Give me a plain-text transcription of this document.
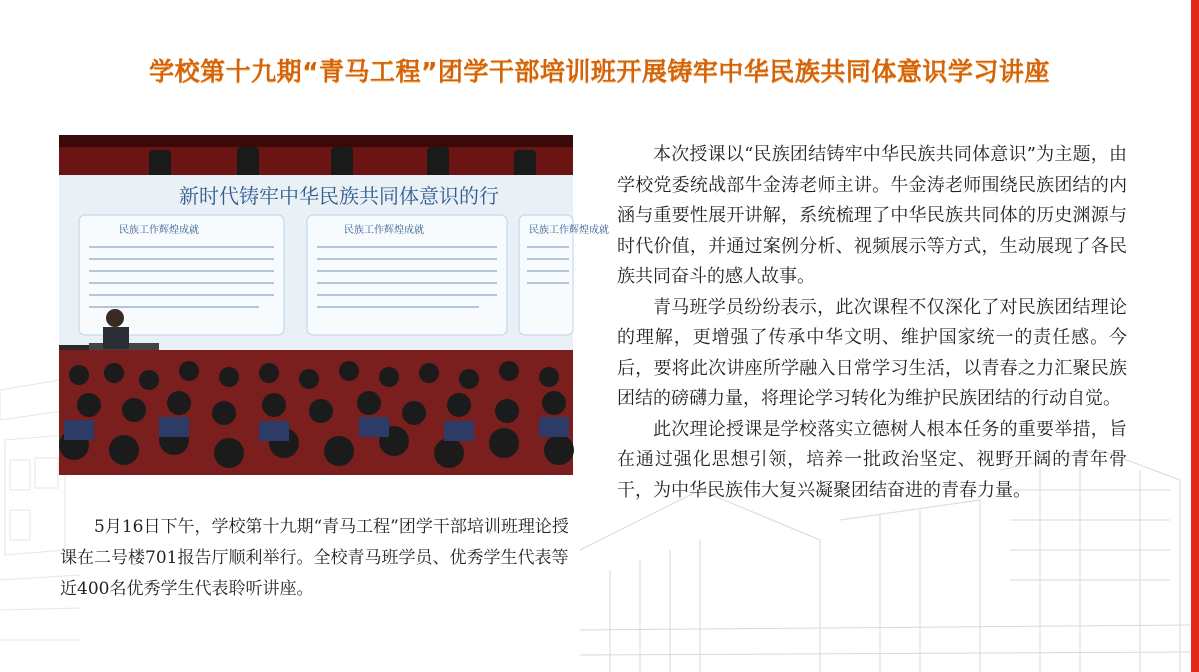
学校第十九期“青马工程”团学干部培训班开展铸牢中华民族共同体意识学习讲座
新时代铸牢中华民族共同体意识的行
民族工作辉煌成就	民族工作辉煌成就	民族工作辉煌成就

5月16日下午，学校第十九期“青马工程”团学干部培训班理论授课在二号楼701报告厅顺利举行。全校青马班学员、优秀学生代表等近400名优秀学生代表聆听讲座。

本次授课以“民族团结铸牢中华民族共同体意识”为主题，由学校党委统战部牛金涛老师主讲。牛金涛老师围绕民族团结的内涵与重要性展开讲解，系统梳理了中华民族共同体的历史渊源与时代价值，并通过案例分析、视频展示等方式，生动展现了各民族共同奋斗的感人故事。

青马班学员纷纷表示，此次课程不仅深化了对民族团结理论的理解，更增强了传承中华文明、维护国家统一的责任感。今后，要将此次讲座所学融入日常学习生活，以青春之力汇聚民族团结的磅礴力量，将理论学习转化为维护民族团结的行动自觉。

此次理论授课是学校落实立德树人根本任务的重要举措，旨在通过强化思想引领，培养一批政治坚定、视野开阔的青年骨干，为中华民族伟大复兴凝聚团结奋进的青春力量。
